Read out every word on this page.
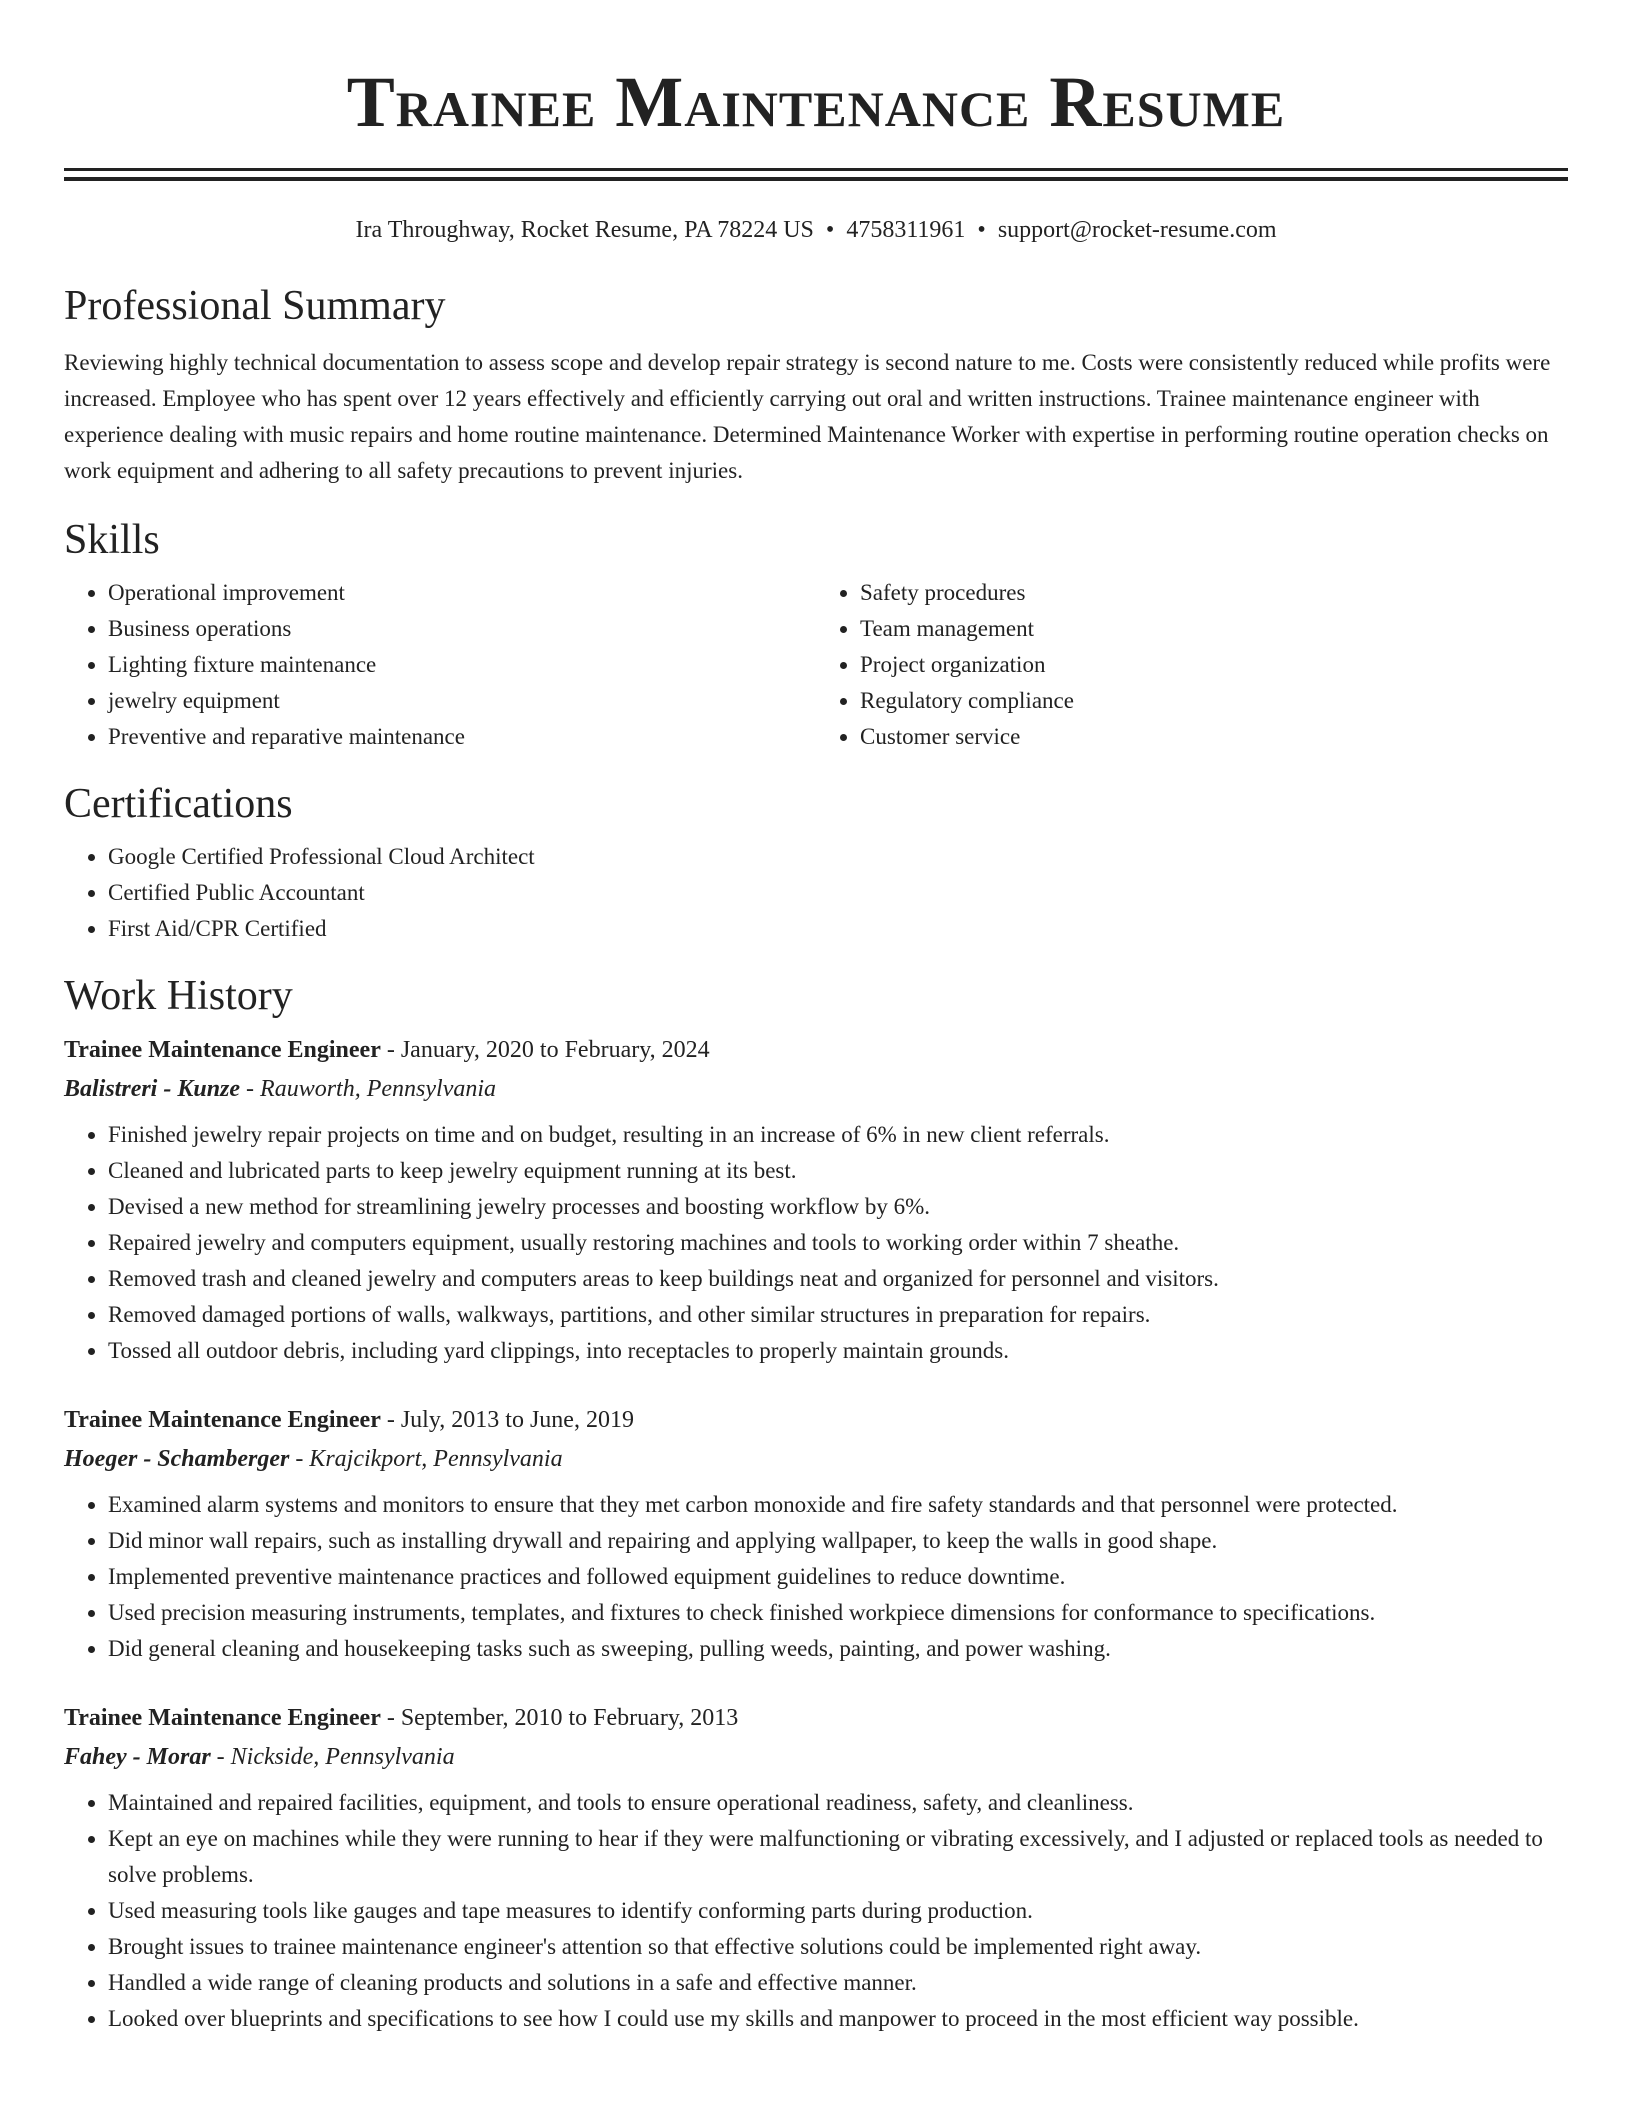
Trainee Maintenance Resume
Ira Throughway, Rocket Resume, PA 78224 US • 4758311961 • support@rocket-resume.com
Professional Summary

Reviewing highly technical documentation to assess scope and develop repair strategy is second nature to me. Costs were consistently reduced while profits were increased. Employee who has spent over 12 years effectively and efficiently carrying out oral and written instructions. Trainee maintenance engineer with experience dealing with music repairs and home routine maintenance. Determined Maintenance Worker with expertise in performing routine operation checks on work equipment and adhering to all safety precautions to prevent injuries.

Skills
• Operational improvement
• Business operations
• Lighting fixture maintenance
• jewelry equipment
• Preventive and reparative maintenance
• Safety procedures
• Team management
• Project organization
• Regulatory compliance
• Customer service
Certifications
• Google Certified Professional Cloud Architect
• Certified Public Accountant
• First Aid/CPR Certified
Work History
Trainee Maintenance Engineer - January, 2020 to February, 2024
Balistreri - Kunze - Rauworth, Pennsylvania
• Finished jewelry repair projects on time and on budget, resulting in an increase of 6% in new client referrals.
• Cleaned and lubricated parts to keep jewelry equipment running at its best.
• Devised a new method for streamlining jewelry processes and boosting workflow by 6%.
• Repaired jewelry and computers equipment, usually restoring machines and tools to working order within 7 sheathe.
• Removed trash and cleaned jewelry and computers areas to keep buildings neat and organized for personnel and visitors.
• Removed damaged portions of walls, walkways, partitions, and other similar structures in preparation for repairs.
• Tossed all outdoor debris, including yard clippings, into receptacles to properly maintain grounds.
Trainee Maintenance Engineer - July, 2013 to June, 2019
Hoeger - Schamberger - Krajcikport, Pennsylvania
• Examined alarm systems and monitors to ensure that they met carbon monoxide and fire safety standards and that personnel were protected.
• Did minor wall repairs, such as installing drywall and repairing and applying wallpaper, to keep the walls in good shape.
• Implemented preventive maintenance practices and followed equipment guidelines to reduce downtime.
• Used precision measuring instruments, templates, and fixtures to check finished workpiece dimensions for conformance to specifications.
• Did general cleaning and housekeeping tasks such as sweeping, pulling weeds, painting, and power washing.
Trainee Maintenance Engineer - September, 2010 to February, 2013
Fahey - Morar - Nickside, Pennsylvania
• Maintained and repaired facilities, equipment, and tools to ensure operational readiness, safety, and cleanliness.
• Kept an eye on machines while they were running to hear if they were malfunctioning or vibrating excessively, and I adjusted or replaced tools as needed to solve problems.
• Used measuring tools like gauges and tape measures to identify conforming parts during production.
• Brought issues to trainee maintenance engineer's attention so that effective solutions could be implemented right away.
• Handled a wide range of cleaning products and solutions in a safe and effective manner.
• Looked over blueprints and specifications to see how I could use my skills and manpower to proceed in the most efficient way possible.
